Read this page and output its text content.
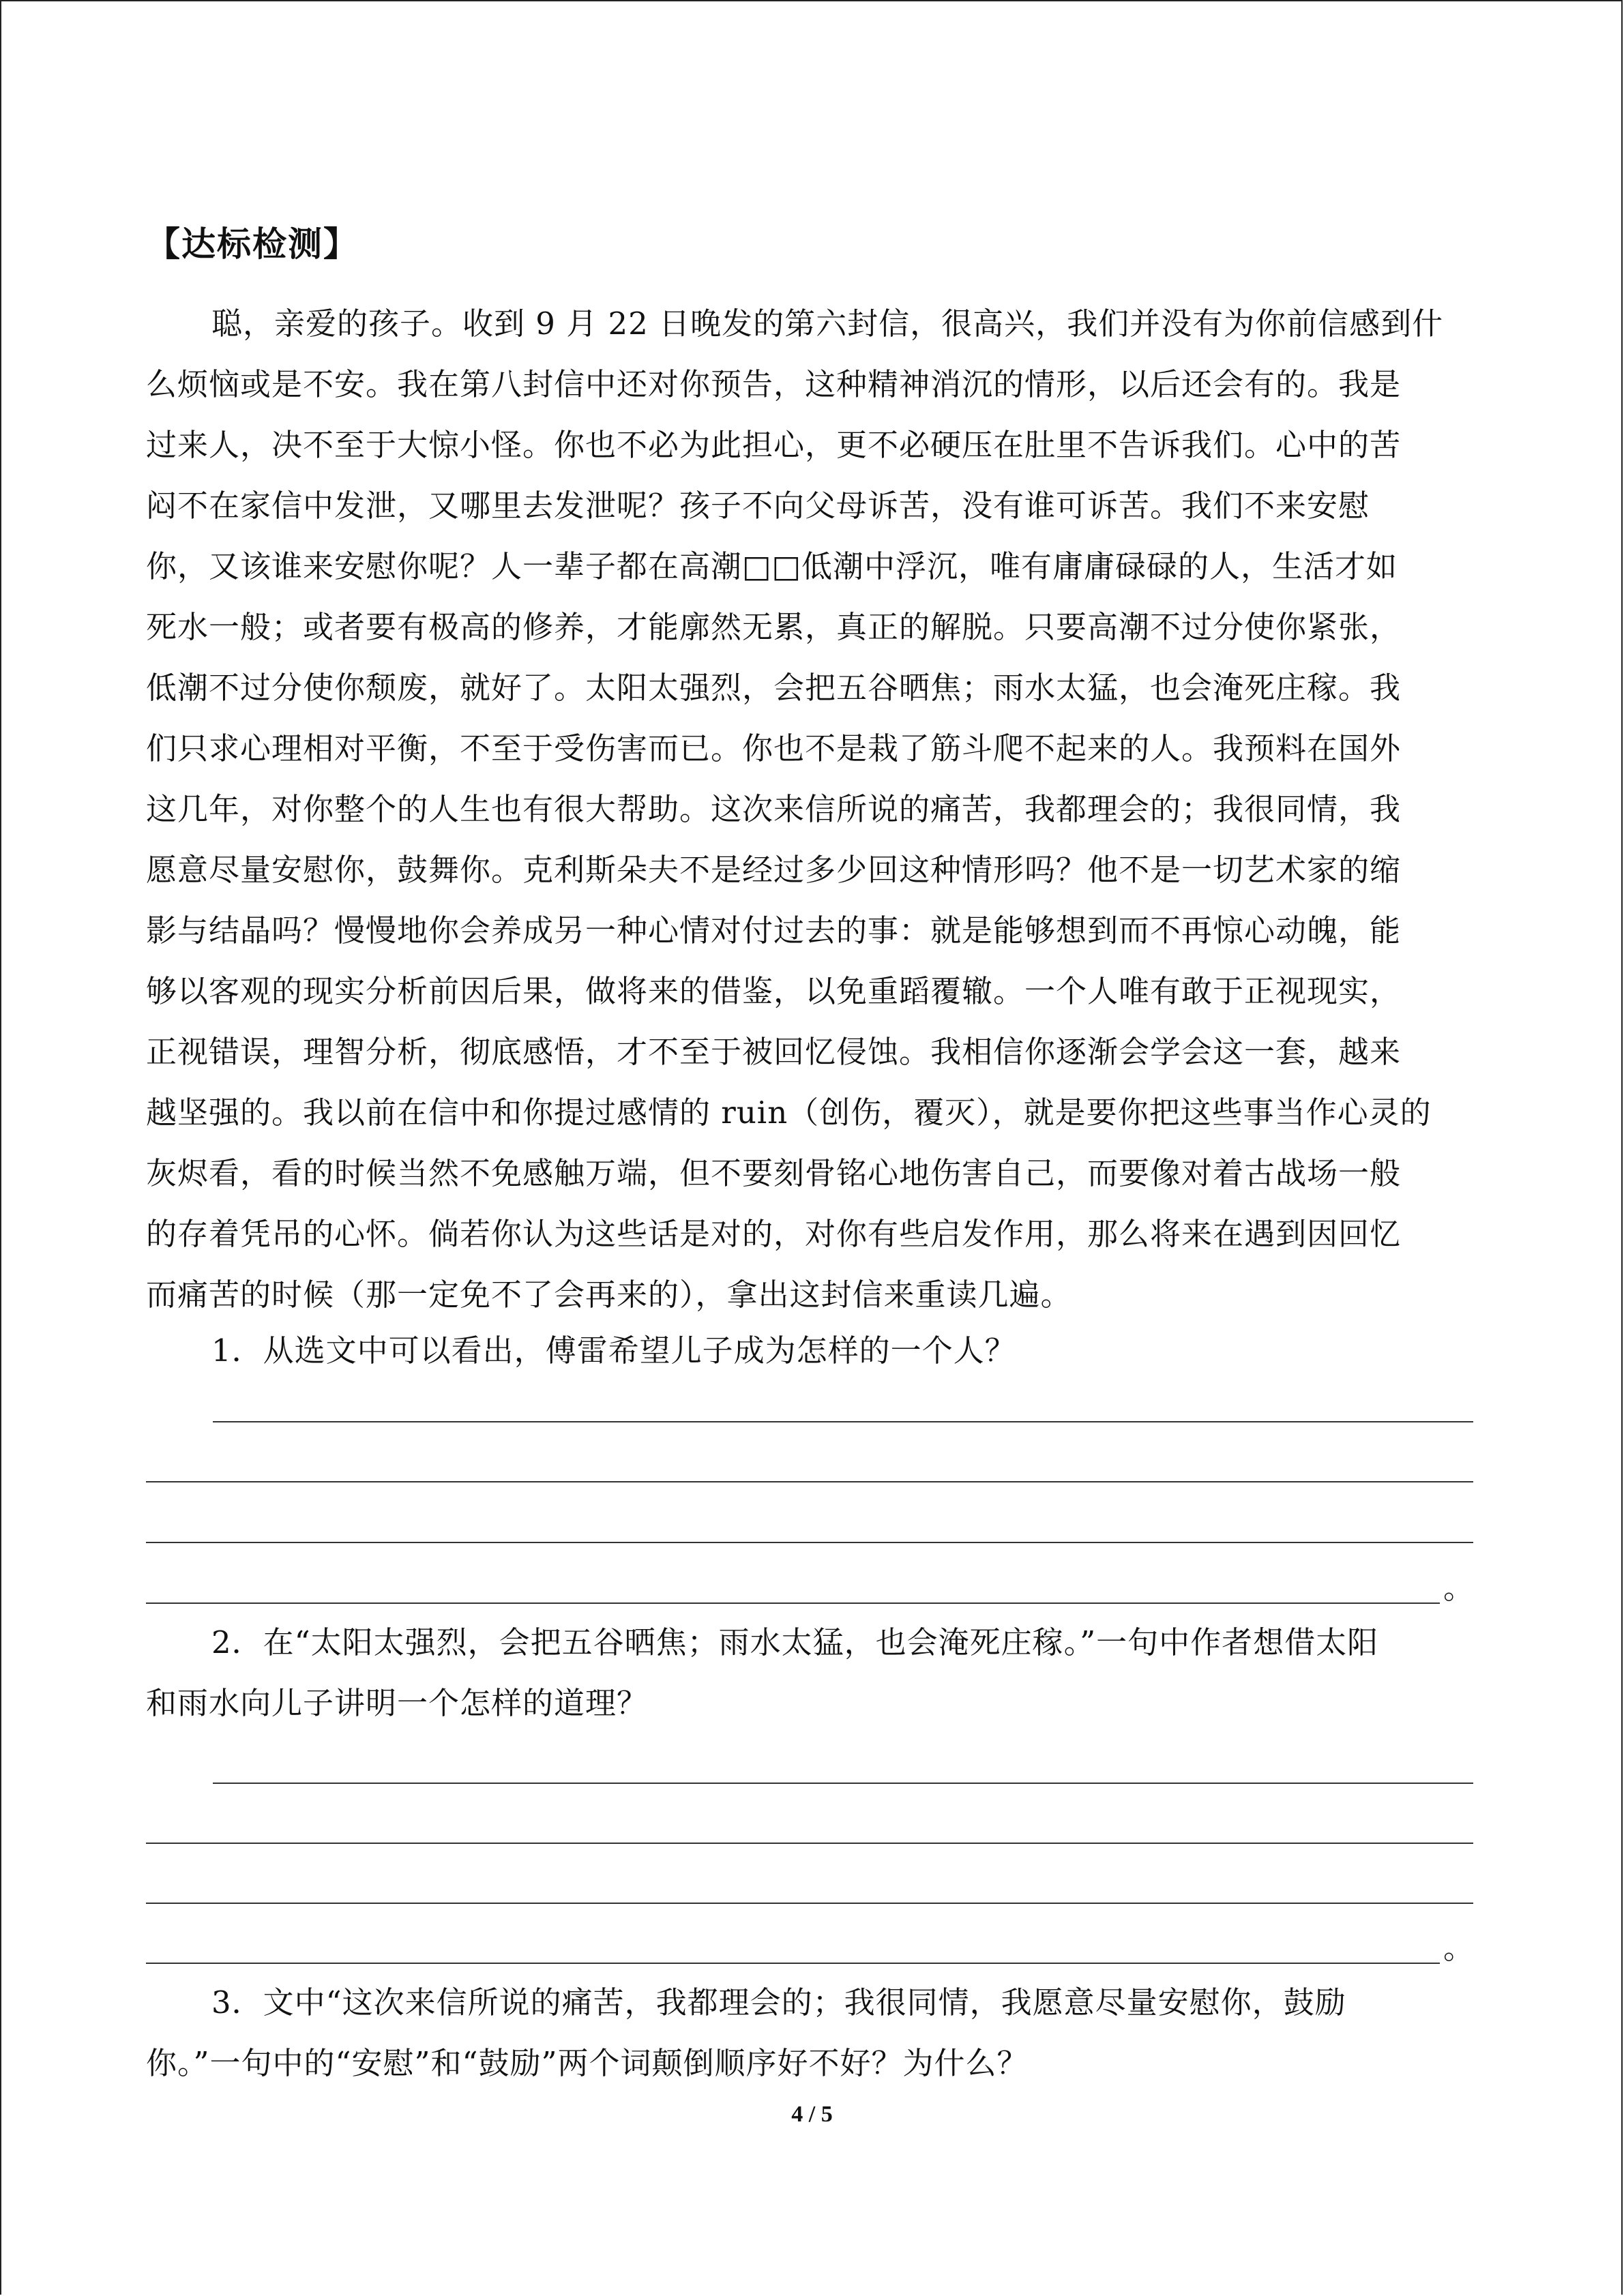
【达标检测】
聪，亲爱的孩子。收到 9 月 22 日晚发的第六封信，很高兴，我们并没有为你前信感到什
么烦恼或是不安。我在第八封信中还对你预告，这种精神消沉的情形，以后还会有的。我是
过来人，决不至于大惊小怪。你也不必为此担心，更不必硬压在肚里不告诉我们。心中的苦
闷不在家信中发泄，又哪里去发泄呢？孩子不向父母诉苦，没有谁可诉苦。我们不来安慰
你，又该谁来安慰你呢？人一辈子都在高潮□□低潮中浮沉，唯有庸庸碌碌的人，生活才如
死水一般；或者要有极高的修养，才能廓然无累，真正的解脱。只要高潮不过分使你紧张，
低潮不过分使你颓废，就好了。太阳太强烈，会把五谷晒焦；雨水太猛，也会淹死庄稼。我
们只求心理相对平衡，不至于受伤害而已。你也不是栽了筋斗爬不起来的人。我预料在国外
这几年，对你整个的人生也有很大帮助。这次来信所说的痛苦，我都理会的；我很同情，我
愿意尽量安慰你，鼓舞你。克利斯朵夫不是经过多少回这种情形吗？他不是一切艺术家的缩
影与结晶吗？慢慢地你会养成另一种心情对付过去的事：就是能够想到而不再惊心动魄，能
够以客观的现实分析前因后果，做将来的借鉴，以免重蹈覆辙。一个人唯有敢于正视现实，
正视错误，理智分析，彻底感悟，才不至于被回忆侵蚀。我相信你逐渐会学会这一套，越来
越坚强的。我以前在信中和你提过感情的 ruin（创伤，覆灭），就是要你把这些事当作心灵的
灰烬看，看的时候当然不免感触万端，但不要刻骨铭心地伤害自己，而要像对着古战场一般
的存着凭吊的心怀。倘若你认为这些话是对的，对你有些启发作用，那么将来在遇到因回忆
而痛苦的时候（那一定免不了会再来的），拿出这封信来重读几遍。
1．从选文中可以看出，傅雷希望儿子成为怎样的一个人？
。
2．在“太阳太强烈，会把五谷晒焦；雨水太猛，也会淹死庄稼。”一句中作者想借太阳
和雨水向儿子讲明一个怎样的道理？
。
3．文中“这次来信所说的痛苦，我都理会的；我很同情，我愿意尽量安慰你，鼓励
你。”一句中的“安慰”和“鼓励”两个词颠倒顺序好不好？为什么？
4 / 5
